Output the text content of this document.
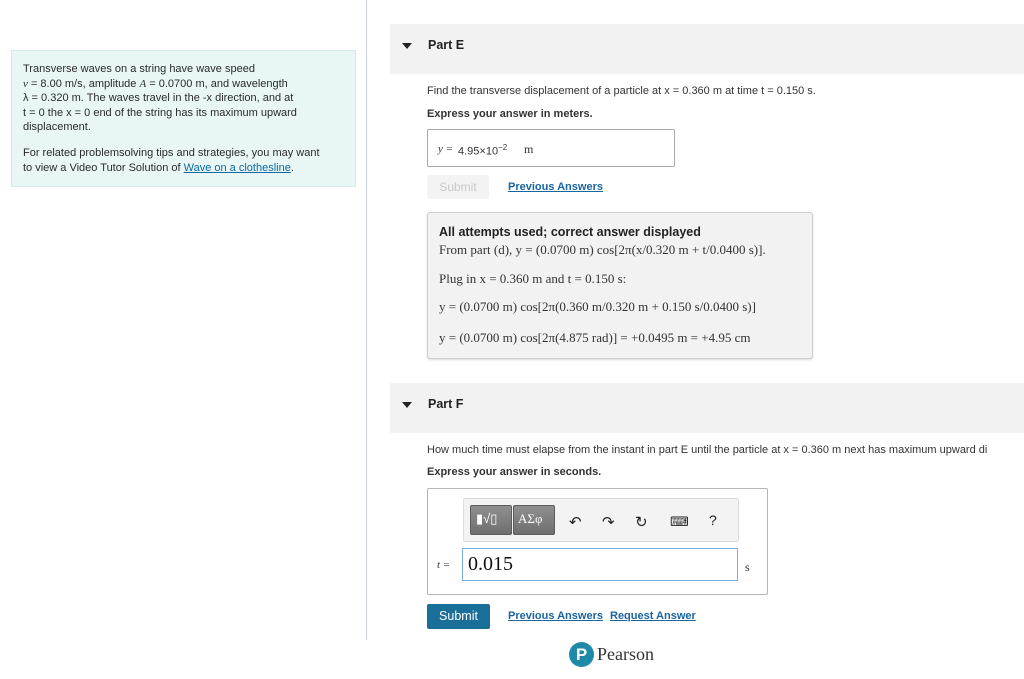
Transverse waves on a string have wave speed
v = 8.00 m/s, amplitude A = 0.0700 m, and wavelength
λ = 0.320 m. The waves travel in the -x direction, and at
t = 0 the x = 0 end of the string has its maximum upward
displacement.
For related problemsolving tips and strategies, you may want
to view a Video Tutor Solution of Wave on a clothesline.
Part E
Find the transverse displacement of a particle at x = 0.360 m at time t = 0.150 s.
Express your answer in meters.
$y = 4.95\times 10^{-2}$ m
Submit	Previous Answers
All attempts used; correct answer displayed
From part (d), y = (0.0700 m) cos[2π(x/0.320 m + t/0.0400 s)].
Plug in x = 0.360 m and t = 0.150 s:
y = (0.0700 m) cos[2π(0.360 m/0.320 m + 0.150 s/0.0400 s)]
y = (0.0700 m) cos[2π(4.875 rad)] = +0.0495 m = +4.95 cm
Part F
How much time must elapse from the instant in part E until the particle at x = 0.360 m next has maximum upward di
Express your answer in seconds.
▮√▯ ΑΣφ ↶ ↷ ↻ ⌨ ?
t = 0.015	s
Submit	Previous Answers Request Answer
P Pearson
